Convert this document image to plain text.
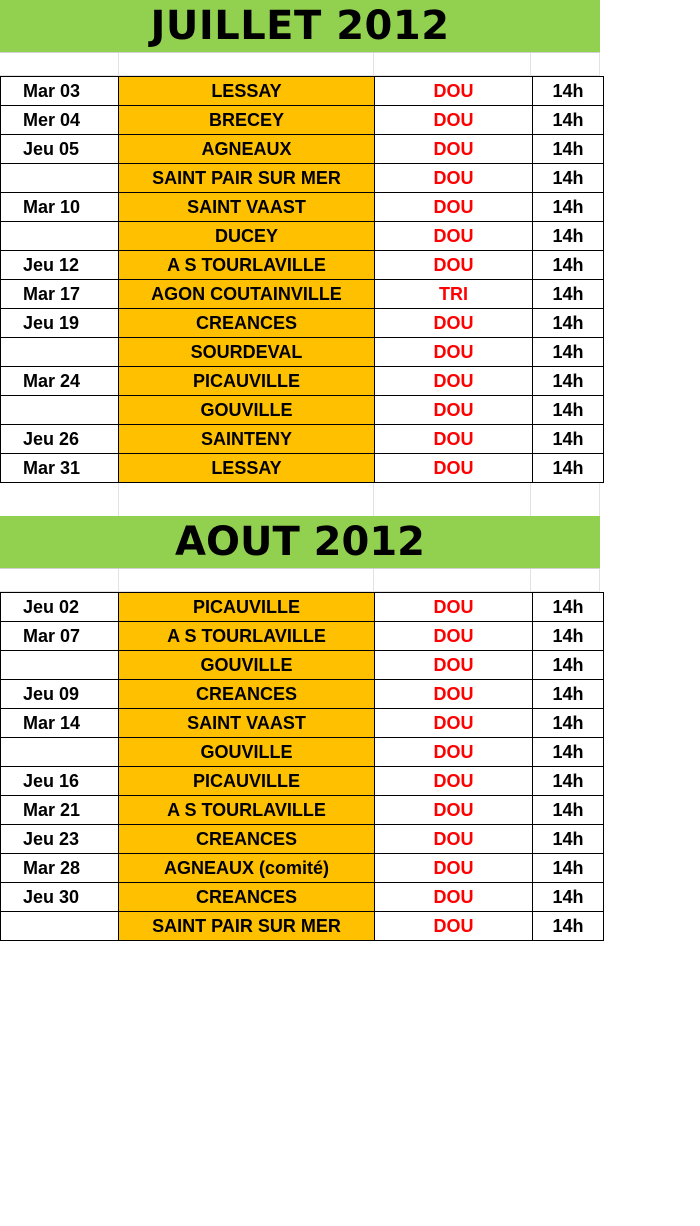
JUILLET 2012
Mar 03	LESSAY	DOU	14h
Mer 04	BRECEY	DOU	14h
Jeu 05	AGNEAUX	DOU	14h
	SAINT PAIR SUR MER	DOU	14h
Mar 10	SAINT VAAST	DOU	14h
	DUCEY	DOU	14h
Jeu 12	A S TOURLAVILLE	DOU	14h
Mar 17	AGON COUTAINVILLE	TRI	14h
Jeu 19	CREANCES	DOU	14h
	SOURDEVAL	DOU	14h
Mar 24	PICAUVILLE	DOU	14h
	GOUVILLE	DOU	14h
Jeu 26	SAINTENY	DOU	14h
Mar 31	LESSAY	DOU	14h
AOUT 2012
Jeu 02	PICAUVILLE	DOU	14h
Mar 07	A S TOURLAVILLE	DOU	14h
	GOUVILLE	DOU	14h
Jeu 09	CREANCES	DOU	14h
Mar 14	SAINT VAAST	DOU	14h
	GOUVILLE	DOU	14h
Jeu 16	PICAUVILLE	DOU	14h
Mar 21	A S TOURLAVILLE	DOU	14h
Jeu 23	CREANCES	DOU	14h
Mar 28	AGNEAUX (comité)	DOU	14h
Jeu 30	CREANCES	DOU	14h
	SAINT PAIR SUR MER	DOU	14h
